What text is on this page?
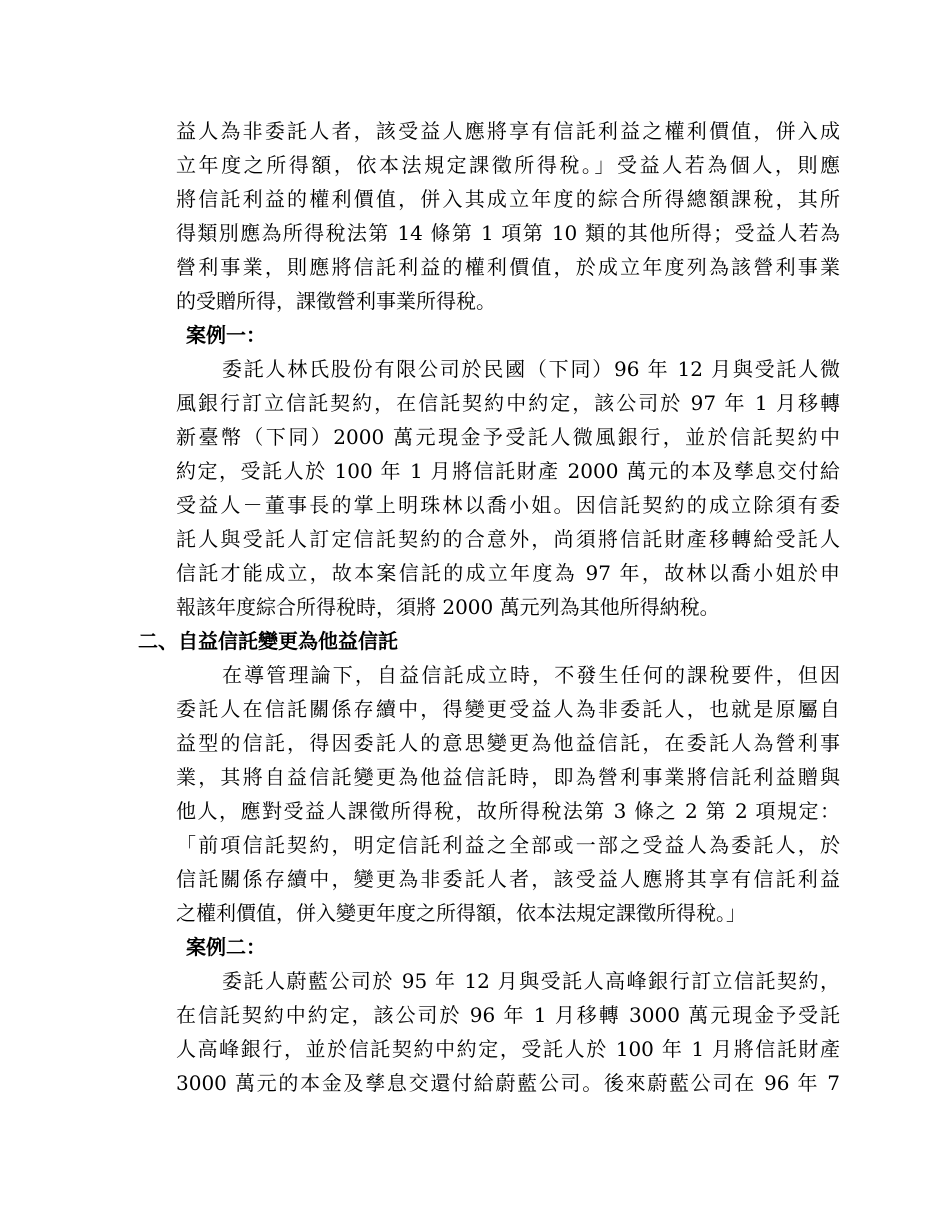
益人為非委託人者，該受益人應將享有信託利益之權利價值，併入成
立年度之所得額，依本法規定課徵所得稅。」受益人若為個人，則應
將信託利益的權利價值，併入其成立年度的綜合所得總額課稅，其所
得類別應為所得稅法第 14 條第 1 項第 10 類的其他所得；受益人若為
營利事業，則應將信託利益的權利價值，於成立年度列為該營利事業
的受贈所得，課徵營利事業所得稅。
案例一：
委託人林氏股份有限公司於民國（下同）96 年 12 月與受託人微
風銀行訂立信託契約，在信託契約中約定，該公司於 97 年 1 月移轉
新臺幣（下同）2000 萬元現金予受託人微風銀行，並於信託契約中
約定，受託人於 100 年 1 月將信託財產 2000 萬元的本及孳息交付給
受益人－董事長的掌上明珠林以喬小姐。因信託契約的成立除須有委
託人與受託人訂定信託契約的合意外，尚須將信託財產移轉給受託人
信託才能成立，故本案信託的成立年度為 97 年，故林以喬小姐於申
報該年度綜合所得稅時，須將 2000 萬元列為其他所得納稅。
二、自益信託變更為他益信託
在導管理論下，自益信託成立時，不發生任何的課稅要件，但因
委託人在信託關係存續中，得變更受益人為非委託人，也就是原屬自
益型的信託，得因委託人的意思變更為他益信託，在委託人為營利事
業，其將自益信託變更為他益信託時，即為營利事業將信託利益贈與
他人，應對受益人課徵所得稅，故所得稅法第 3 條之 2 第 2 項規定：
「前項信託契約，明定信託利益之全部或一部之受益人為委託人，於
信託關係存續中，變更為非委託人者，該受益人應將其享有信託利益
之權利價值，併入變更年度之所得額，依本法規定課徵所得稅。」
案例二：
委託人蔚藍公司於 95 年 12 月與受託人高峰銀行訂立信託契約，
在信託契約中約定，該公司於 96 年 1 月移轉 3000 萬元現金予受託
人高峰銀行，並於信託契約中約定，受託人於 100 年 1 月將信託財產
3000 萬元的本金及孳息交還付給蔚藍公司。後來蔚藍公司在 96 年 7
